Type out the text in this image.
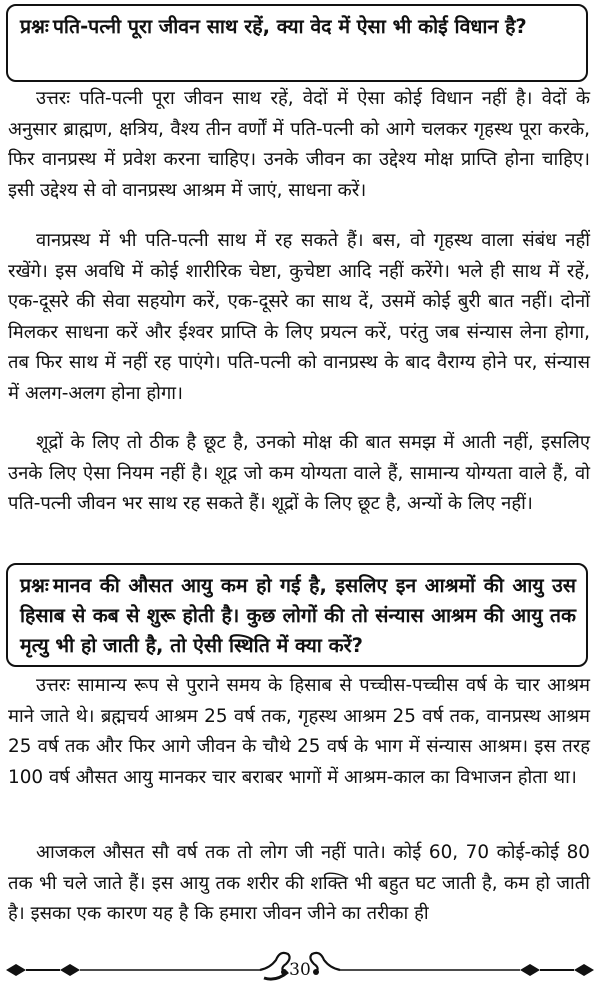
प्रश्नः पति-पत्नी पूरा जीवन साथ रहें, क्या वेद में ऐसा भी कोई विधान है?

उत्तरः पति-पत्नी पूरा जीवन साथ रहें, वेदों में ऐसा कोई विधान नहीं है। वेदों के अनुसार ब्राह्मण, क्षत्रिय, वैश्य तीन वर्णों में पति-पत्नी को आगे चलकर गृहस्थ पूरा करके, फिर वानप्रस्थ में प्रवेश करना चाहिए। उनके जीवन का उद्देश्य मोक्ष प्राप्ति होना चाहिए। इसी उद्देश्य से वो वानप्रस्थ आश्रम में जाएं, साधना करें।

वानप्रस्थ में भी पति-पत्नी साथ में रह सकते हैं। बस, वो गृहस्थ वाला संबंध नहीं रखेंगे। इस अवधि में कोई शारीरिक चेष्टा, कुचेष्टा आदि नहीं करेंगे। भले ही साथ में रहें, एक-दूसरे की सेवा सहयोग करें, एक-दूसरे का साथ दें, उसमें कोई बुरी बात नहीं। दोनों मिलकर साधना करें और ईश्वर प्राप्ति के लिए प्रयत्न करें, परंतु जब संन्यास लेना होगा, तब फिर साथ में नहीं रह पाएंगे। पति-पत्नी को वानप्रस्थ के बाद वैराग्य होने पर, संन्यास में अलग-अलग होना होगा।

शूद्रों के लिए तो ठीक है छूट है, उनको मोक्ष की बात समझ में आती नहीं, इसलिए उनके लिए ऐसा नियम नहीं है। शूद्र जो कम योग्यता वाले हैं, सामान्य योग्यता वाले हैं, वो पति-पत्नी जीवन भर साथ रह सकते हैं। शूद्रों के लिए छूट है, अन्यों के लिए नहीं।

प्रश्नः मानव की औसत आयु कम हो गई है, इसलिए इन आश्रमों की आयु उस हिसाब से कब से शुरू होती है। कुछ लोगों की तो संन्यास आश्रम की आयु तक मृत्यु भी हो जाती है, तो ऐसी स्थिति में क्या करें?

उत्तरः सामान्य रूप से पुराने समय के हिसाब से पच्चीस-पच्चीस वर्ष के चार आश्रम माने जाते थे। ब्रह्मचर्य आश्रम 25 वर्ष तक, गृहस्थ आश्रम 25 वर्ष तक, वानप्रस्थ आश्रम 25 वर्ष तक और फिर आगे जीवन के चौथे 25 वर्ष के भाग में संन्यास आश्रम। इस तरह 100 वर्ष औसत आयु मानकर चार बराबर भागों में आश्रम-काल का विभाजन होता था।

आजकल औसत सौ वर्ष तक तो लोग जी नहीं पाते। कोई 60, 70 कोई-कोई 80 तक भी चले जाते हैं। इस आयु तक शरीर की शक्ति भी बहुत घट जाती है, कम हो जाती है। इसका एक कारण यह है कि हमारा जीवन जीने का तरीका ही

30
